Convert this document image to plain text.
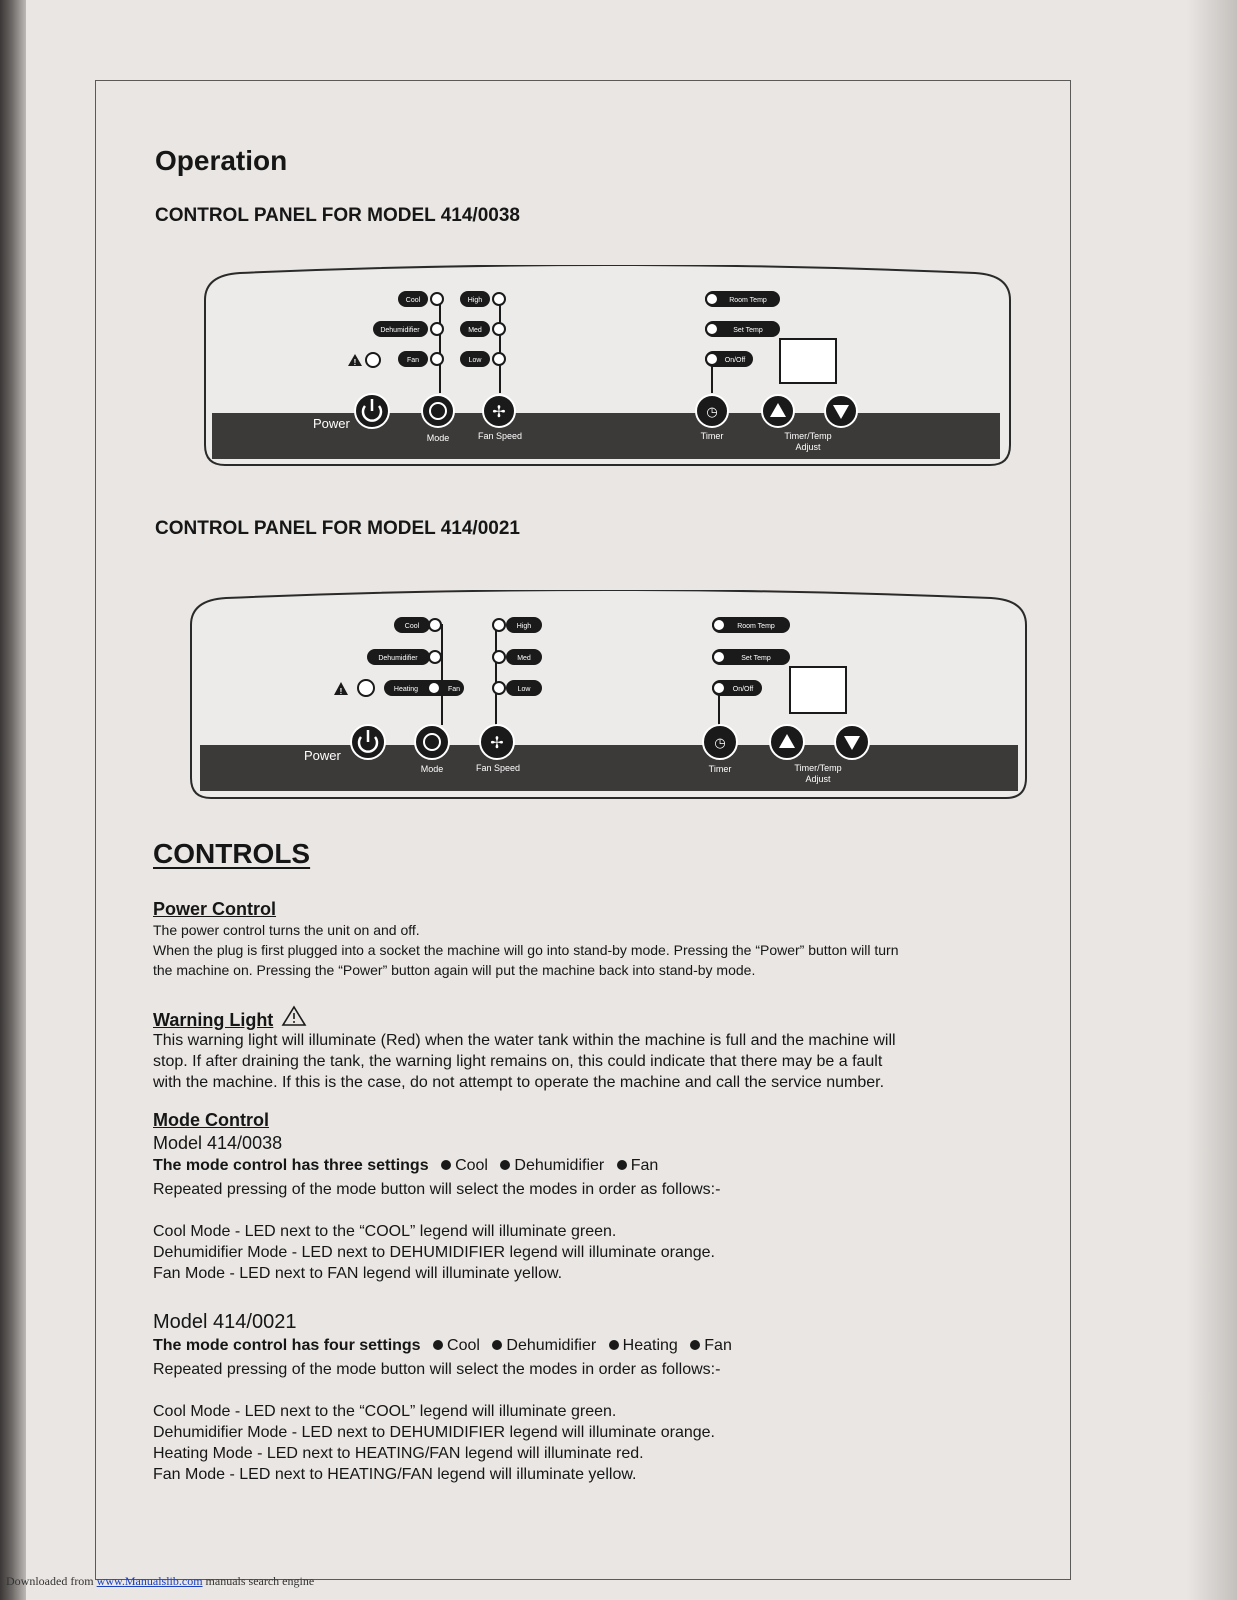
Operation
CONTROL PANEL FOR MODEL 414/0038
Cool
Dehumidifier
Fan
!
High
Med
Low
Room Temp
Set Temp
On/Off
Power
Mode
✢
Fan Speed
◷
Timer	Timer/Temp
Adjust
CONTROL PANEL FOR MODEL 414/0021
Cool
Dehumidifier
Heating	Fan
!
High
Med
Low
Room Temp
Set Temp
On/Off
Power
Mode
✢
Fan Speed
◷
Timer	Timer/Temp
Adjust
CONTROLS
Power Control
The power control turns the unit on and off.
When the plug is first plugged into a socket the machine will go into stand-by mode. Pressing the “Power” button will turn
the machine on. Pressing the “Power” button again will put the machine back into stand-by mode.
Warning Light
This warning light will illuminate (Red) when the water tank within the machine is full and the machine will
stop. If after draining the tank, the warning light remains on, this could indicate that there may be a fault
with the machine. If this is the case, do not attempt to operate the machine and call the service number.
Mode Control
Model 414/0038
The mode control has three settings Cool Dehumidifier Fan
Repeated pressing of the mode button will select the modes in order as follows:-
Cool Mode - LED next to the “COOL” legend will illuminate green.
Dehumidifier Mode - LED next to DEHUMIDIFIER legend will illuminate orange.
Fan Mode - LED next to FAN legend will illuminate yellow.
Model 414/0021
The mode control has four settings Cool Dehumidifier Heating Fan
Repeated pressing of the mode button will select the modes in order as follows:-
Cool Mode - LED next to the “COOL” legend will illuminate green.
Dehumidifier Mode - LED next to DEHUMIDIFIER legend will illuminate orange.
Heating Mode - LED next to HEATING/FAN legend will illuminate red.
Fan Mode - LED next to HEATING/FAN legend will illuminate yellow.
Downloaded from www.Manualslib.com manuals search engine
